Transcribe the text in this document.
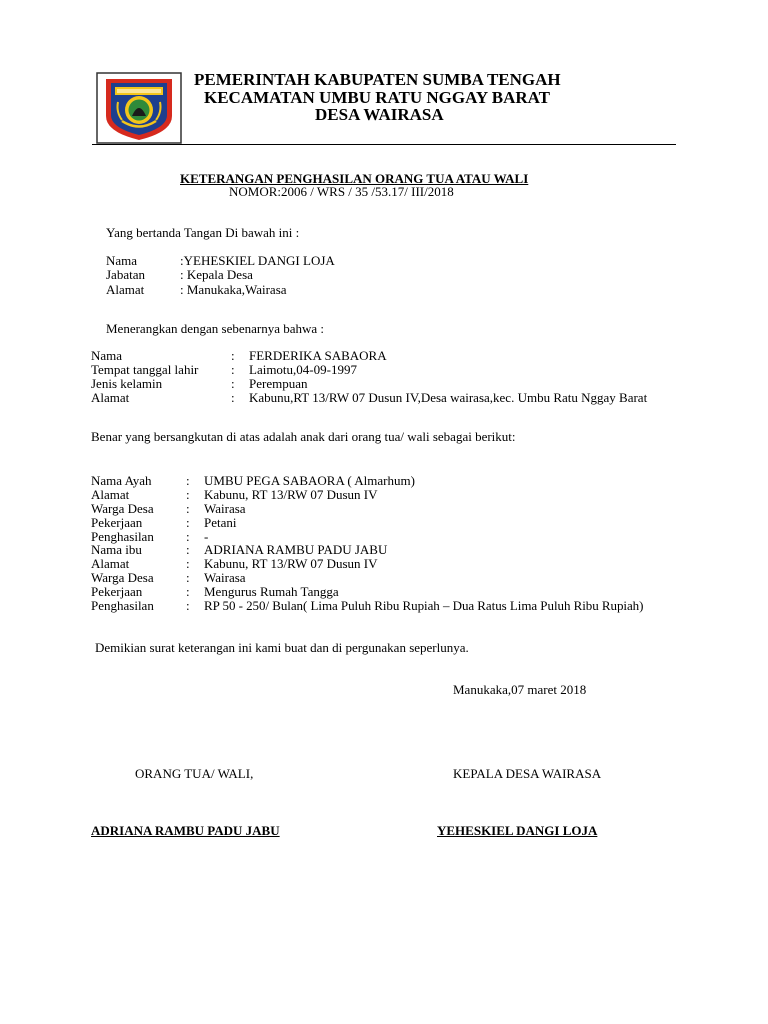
PEMERINTAH KABUPATEN SUMBA TENGAH
KECAMATAN UMBU RATU NGGAY BARAT
DESA WAIRASA
KETERANGAN PENGHASILAN ORANG TUA ATAU WALI
NOMOR:2006 / WRS / 35 /53.17/ III/2018
Yang bertanda Tangan Di bawah ini :
Nama	:YEHESKIEL DANGI LOJA
Jabatan	: Kepala Desa
Alamat	: Manukaka,Wairasa
Menerangkan dengan sebenarnya bahwa :
Nama	: FERDERIKA SABAORA
Tempat tanggal lahir	: Laimotu,04-09-1997
Jenis kelamin	: Perempuan
Alamat	: Kabunu,RT 13/RW 07 Dusun IV,Desa wairasa,kec. Umbu Ratu Nggay Barat
Benar yang bersangkutan di atas adalah anak dari orang tua/ wali sebagai berikut:
Nama Ayah	: UMBU PEGA SABAORA ( Almarhum)
Alamat	: Kabunu, RT 13/RW 07 Dusun IV
Warga Desa : Wairasa
Pekerjaan	: Petani
Penghasilan : -
Nama ibu	: ADRIANA RAMBU PADU JABU
Alamat	: Kabunu, RT 13/RW 07 Dusun IV
Warga Desa : Wairasa
Pekerjaan	: Mengurus Rumah Tangga
Penghasilan : RP 50 - 250/ Bulan( Lima Puluh Ribu Rupiah – Dua Ratus Lima Puluh Ribu Rupiah)
Demikian surat keterangan ini kami buat dan di pergunakan seperlunya.
Manukaka,07 maret 2018
ORANG TUA/ WALI,	KEPALA DESA WAIRASA
ADRIANA RAMBU PADU JABU	YEHESKIEL DANGI LOJA
